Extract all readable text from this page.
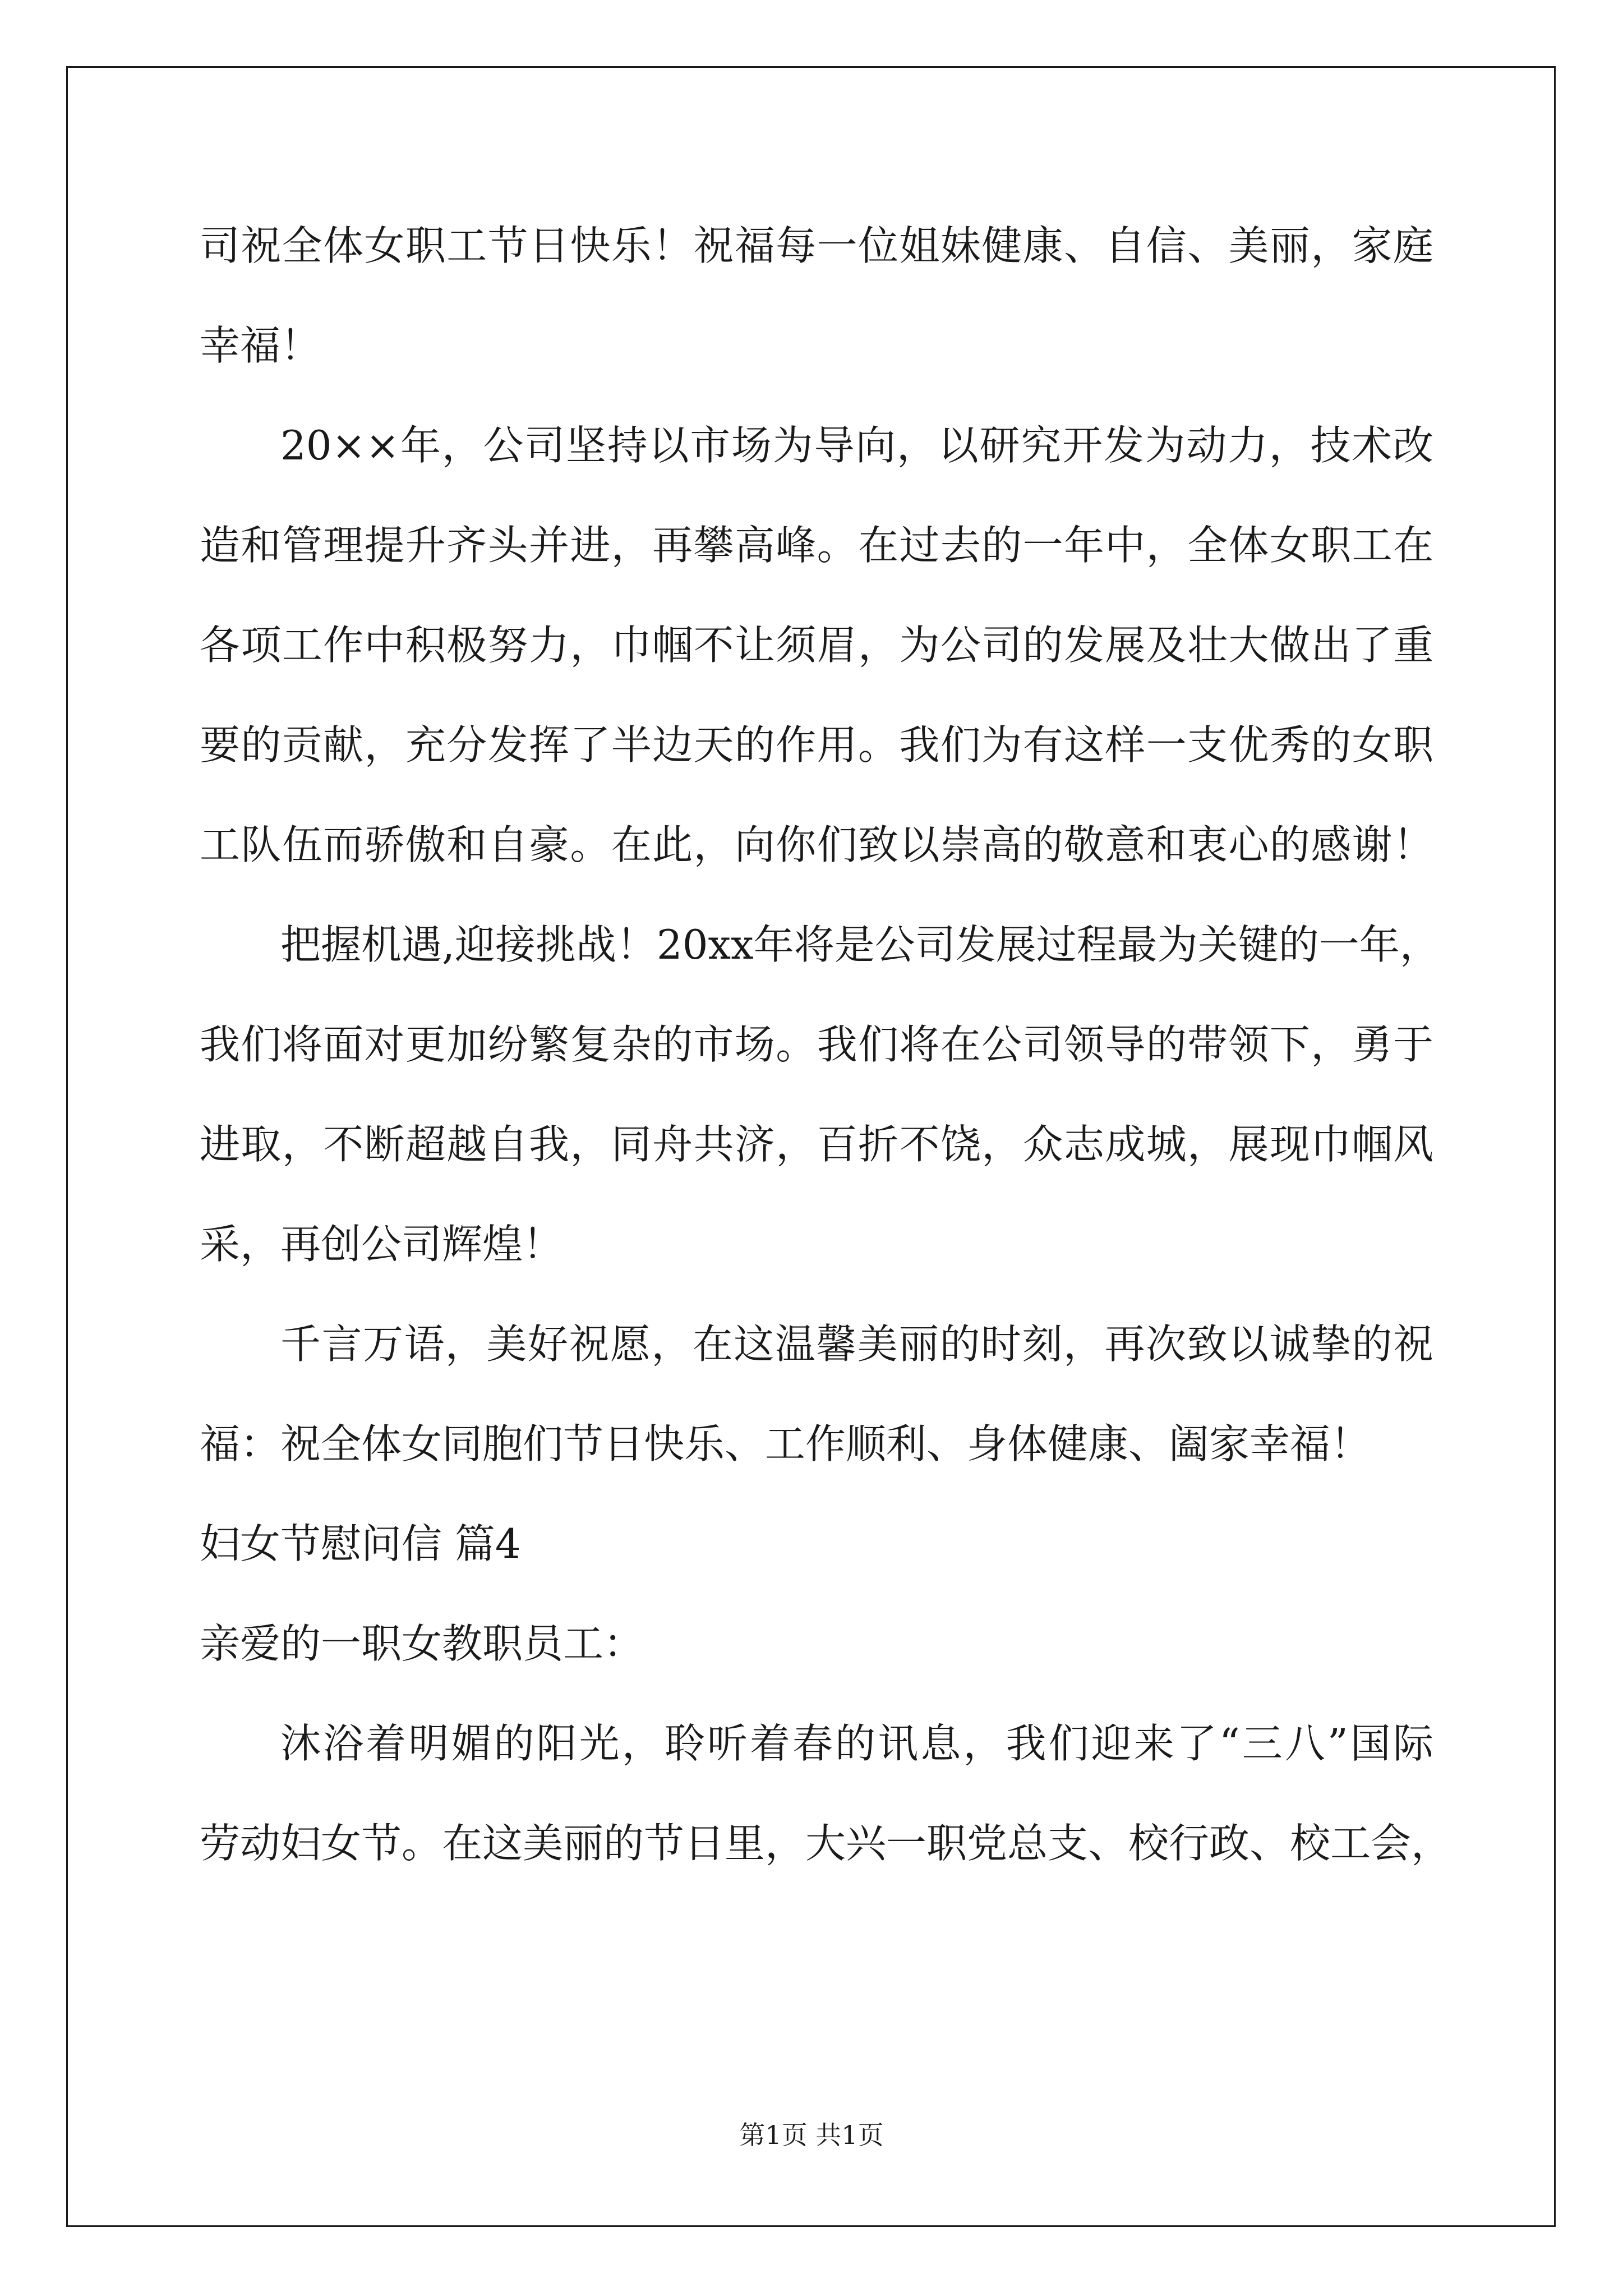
司祝全体女职工节日快乐！祝福每一位姐妹健康、自信、美丽，家庭
幸福！
20××年，公司坚持以市场为导向，以研究开发为动力，技术改
造和管理提升齐头并进，再攀高峰。在过去的一年中，全体女职工在
各项工作中积极努力，巾帼不让须眉，为公司的发展及壮大做出了重
要的贡献，充分发挥了半边天的作用。我们为有这样一支优秀的女职
工队伍而骄傲和自豪。在此，向你们致以崇高的敬意和衷心的感谢！
把握机遇,迎接挑战！20xx年将是公司发展过程最为关键的一年，
我们将面对更加纷繁复杂的市场。我们将在公司领导的带领下，勇于
进取，不断超越自我，同舟共济，百折不饶，众志成城，展现巾帼风
采，再创公司辉煌！
千言万语，美好祝愿，在这温馨美丽的时刻，再次致以诚挚的祝
福：祝全体女同胞们节日快乐、工作顺利、身体健康、阖家幸福！
妇女节慰问信 篇4
亲爱的一职女教职员工：
沐浴着明媚的阳光，聆听着春的讯息，我们迎来了“三八”国际
劳动妇女节。在这美丽的节日里，大兴一职党总支、校行政、校工会，
第1页 共1页
